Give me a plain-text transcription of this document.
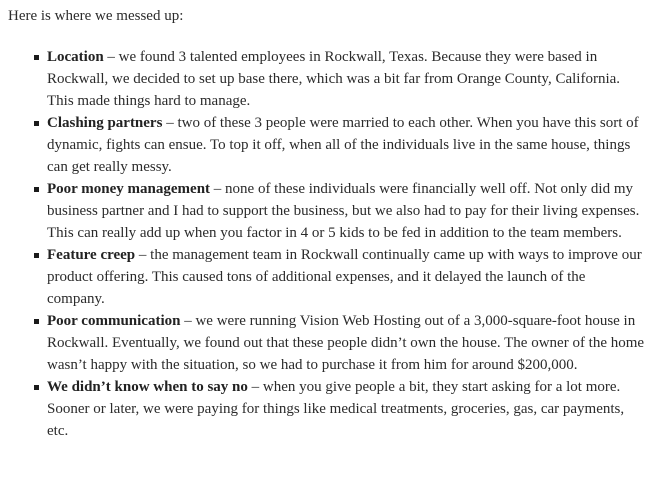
Here is where we messed up:

Location – we found 3 talented employees in Rockwall, Texas. Because they were based in Rockwall, we decided to set up base there, which was a bit far from Orange County, California. This made things hard to manage.
Clashing partners – two of these 3 people were married to each other. When you have this sort of dynamic, fights can ensue. To top it off, when all of the individuals live in the same house, things can get really messy.
Poor money management – none of these individuals were financially well off. Not only did my business partner and I had to support the business, but we also had to pay for their living expenses. This can really add up when you factor in 4 or 5 kids to be fed in addition to the team members.
Feature creep – the management team in Rockwall continually came up with ways to improve our product offering. This caused tons of additional expenses, and it delayed the launch of the company.
Poor communication – we were running Vision Web Hosting out of a 3,000-square-foot house in Rockwall. Eventually, we found out that these people didn’t own the house. The owner of the home wasn’t happy with the situation, so we had to purchase it from him for around $200,000.
We didn’t know when to say no – when you give people a bit, they start asking for a lot more. Sooner or later, we were paying for things like medical treatments, groceries, gas, car payments, etc.
